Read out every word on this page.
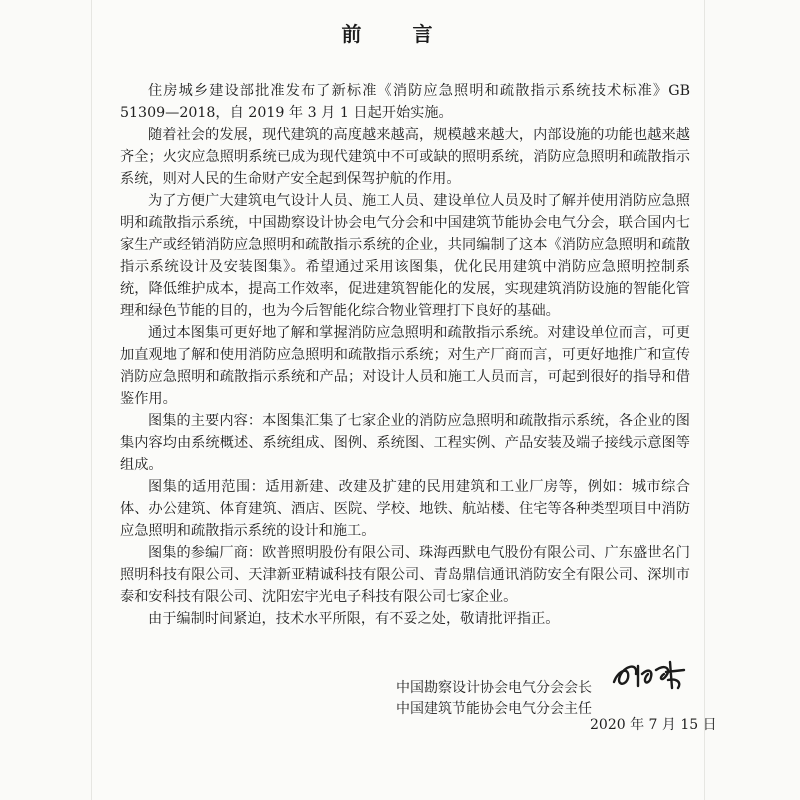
前 言

住房城乡建设部批准发布了新标准《消防应急照明和疏散指示系统技术标准》GB 51309—2018，自 2019 年 3 月 1 日起开始实施。

随着社会的发展，现代建筑的高度越来越高，规模越来越大，内部设施的功能也越来越齐全；火灾应急照明系统已成为现代建筑中不可或缺的照明系统，消防应急照明和疏散指示系统，则对人民的生命财产安全起到保驾护航的作用。

为了方便广大建筑电气设计人员、施工人员、建设单位人员及时了解并使用消防应急照明和疏散指示系统，中国勘察设计协会电气分会和中国建筑节能协会电气分会，联合国内七家生产或经销消防应急照明和疏散指示系统的企业，共同编制了这本《消防应急照明和疏散指示系统设计及安装图集》。希望通过采用该图集，优化民用建筑中消防应急照明控制系统，降低维护成本，提高工作效率，促进建筑智能化的发展，实现建筑消防设施的智能化管理和绿色节能的目的，也为今后智能化综合物业管理打下良好的基础。

通过本图集可更好地了解和掌握消防应急照明和疏散指示系统。对建设单位而言，可更加直观地了解和使用消防应急照明和疏散指示系统；对生产厂商而言，可更好地推广和宣传消防应急照明和疏散指示系统和产品；对设计人员和施工人员而言，可起到很好的指导和借鉴作用。

图集的主要内容：本图集汇集了七家企业的消防应急照明和疏散指示系统，各企业的图集内容均由系统概述、系统组成、图例、系统图、工程实例、产品安装及端子接线示意图等组成。

图集的适用范围：适用新建、改建及扩建的民用建筑和工业厂房等，例如：城市综合体、办公建筑、体育建筑、酒店、医院、学校、地铁、航站楼、住宅等各种类型项目中消防应急照明和疏散指示系统的设计和施工。

图集的参编厂商：欧普照明股份有限公司、珠海西默电气股份有限公司、广东盛世名门照明科技有限公司、天津新亚精诚科技有限公司、青岛鼎信通讯消防安全有限公司、深圳市泰和安科技有限公司、沈阳宏宇光电子科技有限公司七家企业。

由于编制时间紧迫，技术水平所限，有不妥之处，敬请批评指正。

中国勘察设计协会电气分会会长
中国建筑节能协会电气分会主任
2020 年 7 月 15 日
